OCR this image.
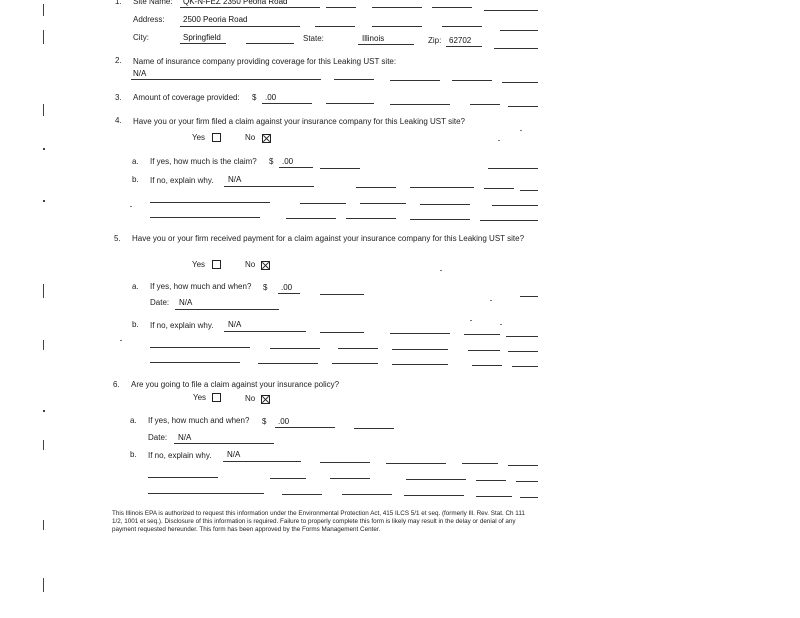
1. Site Name: QK-N-FEZ 2350 Peoria Road
Address: 2500 Peoria Road
City:	Springfield	State:	Illinois	Zip: 62702
2. Name of insurance company providing coverage for this Leaking UST site:
N/A
3. Amount of coverage provided: $ .00
4. Have you or your firm filed a claim against your insurance company for this Leaking UST site?
Yes	No
a. If yes, how much is the claim? $ .00
b. If no, explain why. N/A
5. Have you or your firm received payment for a claim against your insurance company for this Leaking UST site?
Yes	No
a. If yes, how much and when? $ .00
Date: N/A
b. If no, explain why. N/A
6. Are you going to file a claim against your insurance policy?
Yes	No
a. If yes, how much and when? $ .00
Date: N/A
b. If no, explain why. N/A
This Illinois EPA is authorized to request this information under the Environmental Protection Act, 415 ILCS 5/1 et seq. (formerly Ill. Rev. Stat. Ch 111 1/2, 1001 et seq.). Disclosure of this information is required. Failure to properly complete this form is likely may result in the delay or denial of any payment requested hereunder. This form has been approved by the Forms Management Center.
